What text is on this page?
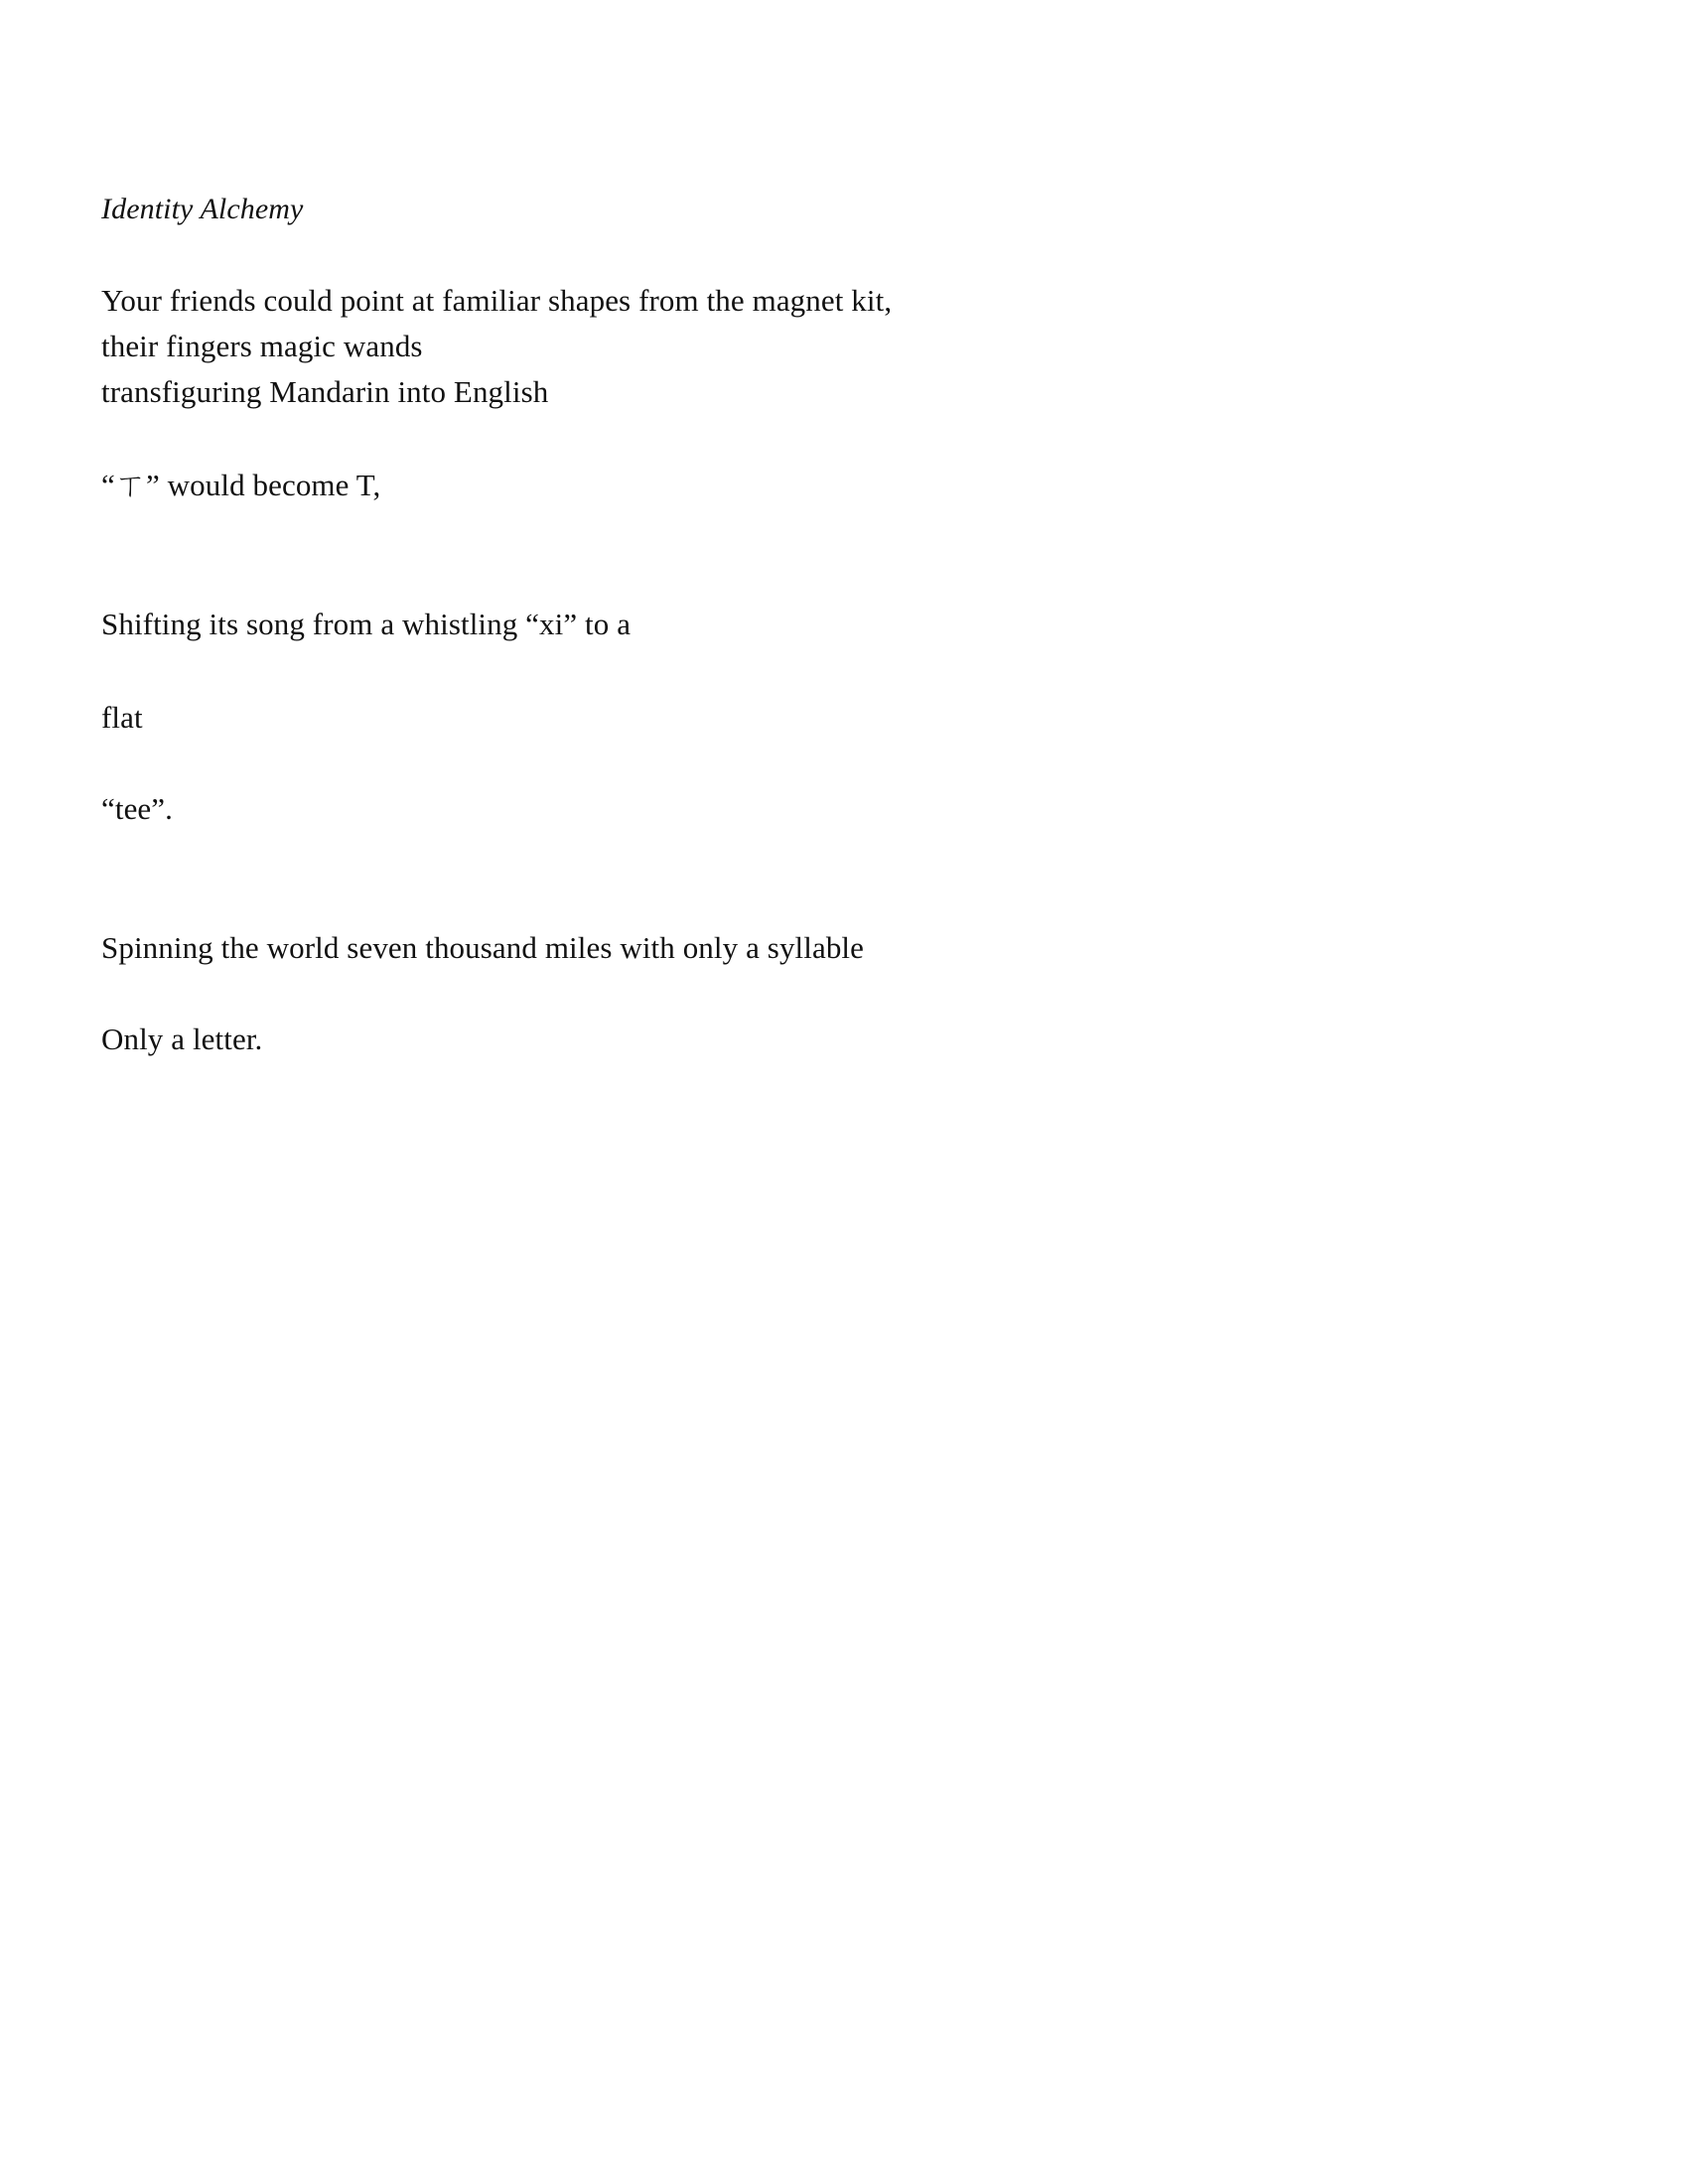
Identity Alchemy
Your friends could point at familiar shapes from the magnet kit,
their fingers magic wands
transfiguring Mandarin into English
“ㄒ” would become T,
Shifting its song from a whistling “xi” to a
flat
“tee”.
Spinning the world seven thousand miles with only a syllable
Only a letter.
